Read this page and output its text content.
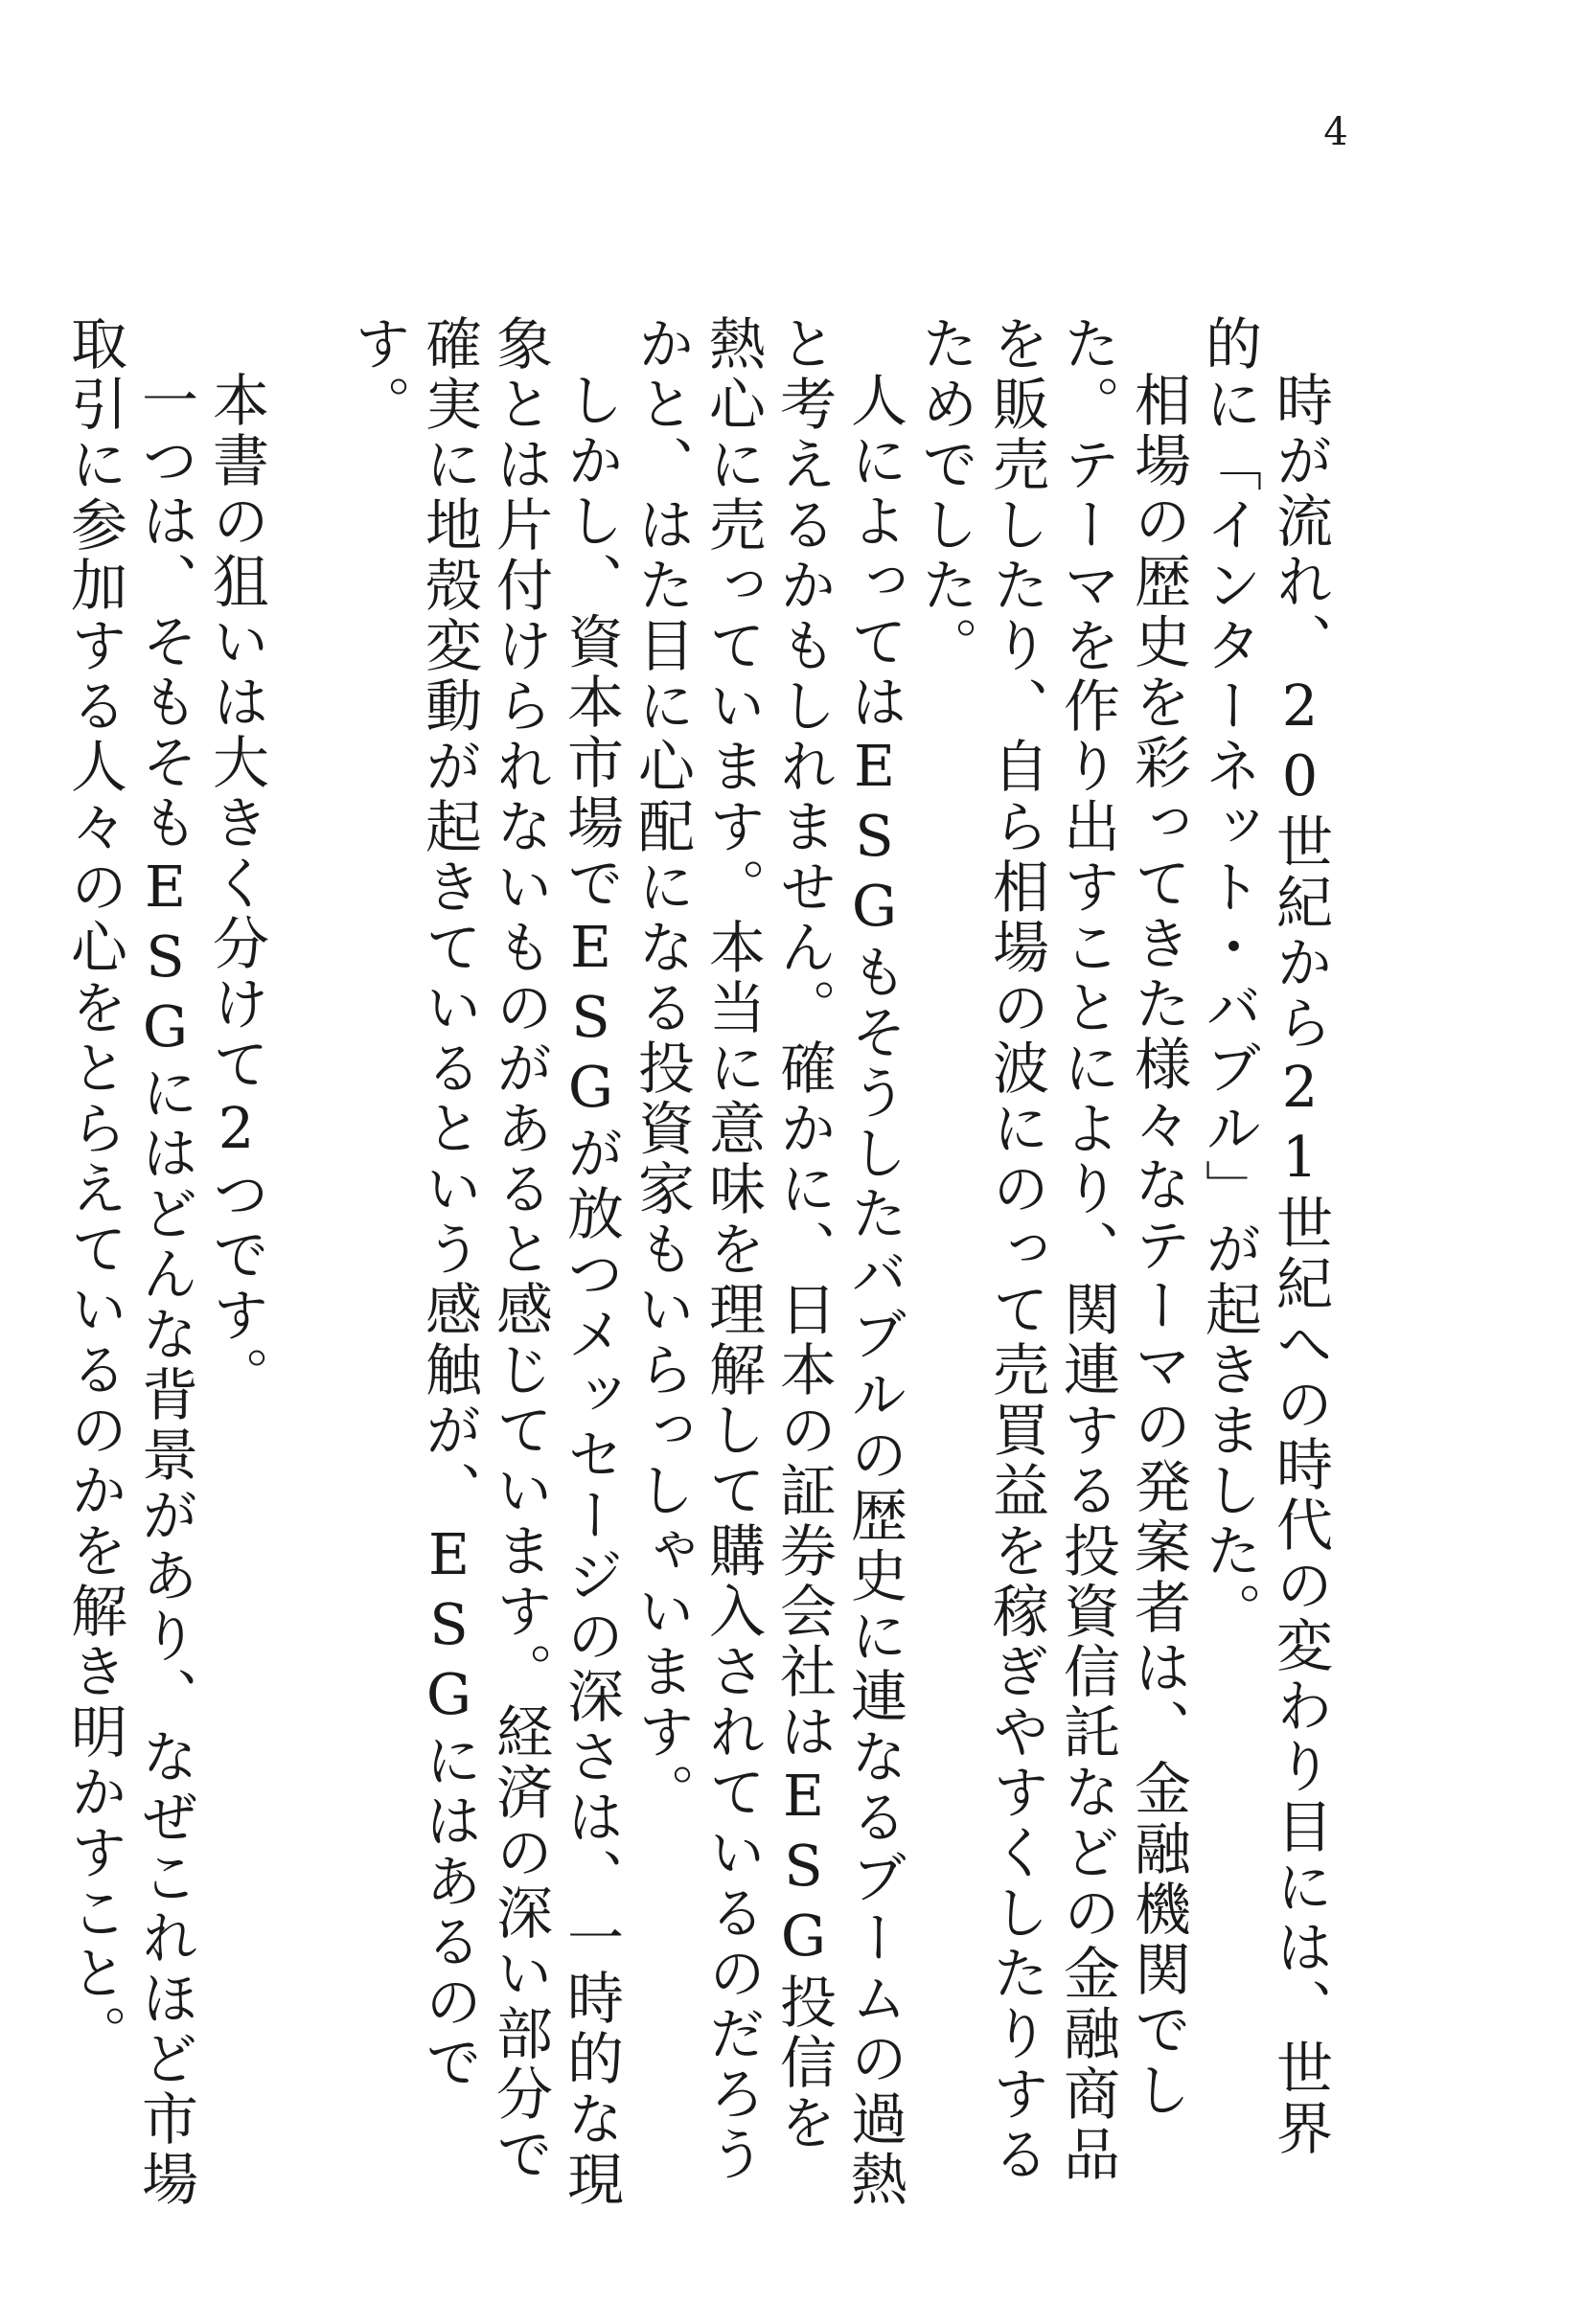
4

時が流れ、20世紀から21世紀への時代の変わり目には、世界的に「インターネット・バブル」が起きました。

相場の歴史を彩ってきた様々なテーマの発案者は、金融機関でした。テーマを作り出すことにより、関連する投資信託などの金融商品を販売したり、自ら相場の波にのって売買益を稼ぎやすくしたりするためでした。

人によってはESGもそうしたバブルの歴史に連なるブームの過熱と考えるかもしれません。確かに、日本の証券会社はESG投信を熱心に売っています。本当に意味を理解して購入されているのだろうかと、はた目に心配になる投資家もいらっしゃいます。

しかし、資本市場でESGが放つメッセージの深さは、一時的な現象とは片付けられないものがあると感じています。経済の深い部分で確実に地殻変動が起きているという感触が、ESGにはあるのです。

本書の狙いは大きく分けて2つです。

一つは、そもそもESGにはどんな背景があり、なぜこれほど市場取引に参加する人々の心をとらえているのかを解き明かすこと。
